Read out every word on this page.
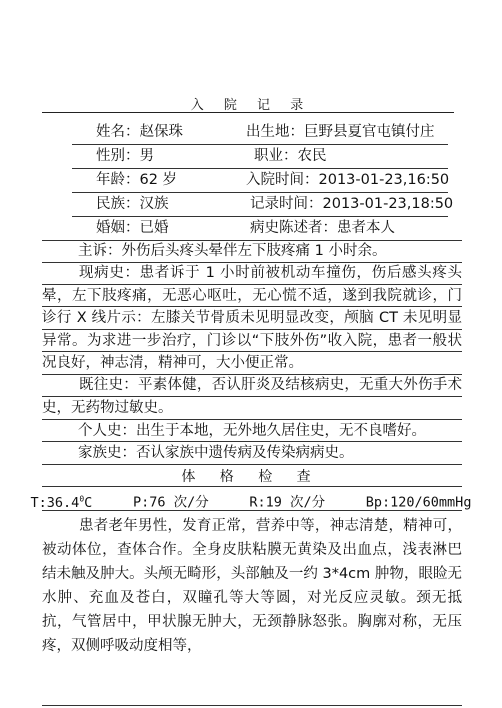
入 院 记 录
姓名：赵保珠	出生地：巨野县夏官屯镇付庄
性别：男	职业：农民
年龄：62 岁	入院时间：2013-01-23,16:50
民族：汉族	记录时间：2013-01-23,18:50
婚姻：已婚	病史陈述者：患者本人
主诉：外伤后头疼头晕伴左下肢疼痛 1 小时余。
现病史：患者诉于 1 小时前被机动车撞伤，伤后感头疼头晕，左下肢疼痛，无恶心呕吐，无心慌不适，遂到我院就诊，门诊行 X 线片示：左膝关节骨质未见明显改变，颅脑 CT 未见明显异常。为求进一步治疗，门诊以“下肢外伤”收入院，患者一般状况良好，神志清，精神可，大小便正常。
既往史：平素体健，否认肝炎及结核病史，无重大外伤手术史，无药物过敏史。
个人史：出生于本地，无外地久居住史，无不良嗜好。
家族史：否认家族中遗传病及传染病病史。
体 格 检 查
T:36.4$^0$C	P:76 次/分	R:19 次/分	Bp:120/60mmHg
患者老年男性，发育正常，营养中等，神志清楚，精神可，被动体位，查体合作。全身皮肤粘膜无黄染及出血点，浅表淋巴结未触及肿大。头颅无畸形，头部触及一约 3*4cm 肿物，眼睑无水肿、充血及苍白，双瞳孔等大等圆，对光反应灵敏。颈无抵抗，气管居中，甲状腺无肿大，无颈静脉怒张。胸廓对称，无压疼，双侧呼吸动度相等，
